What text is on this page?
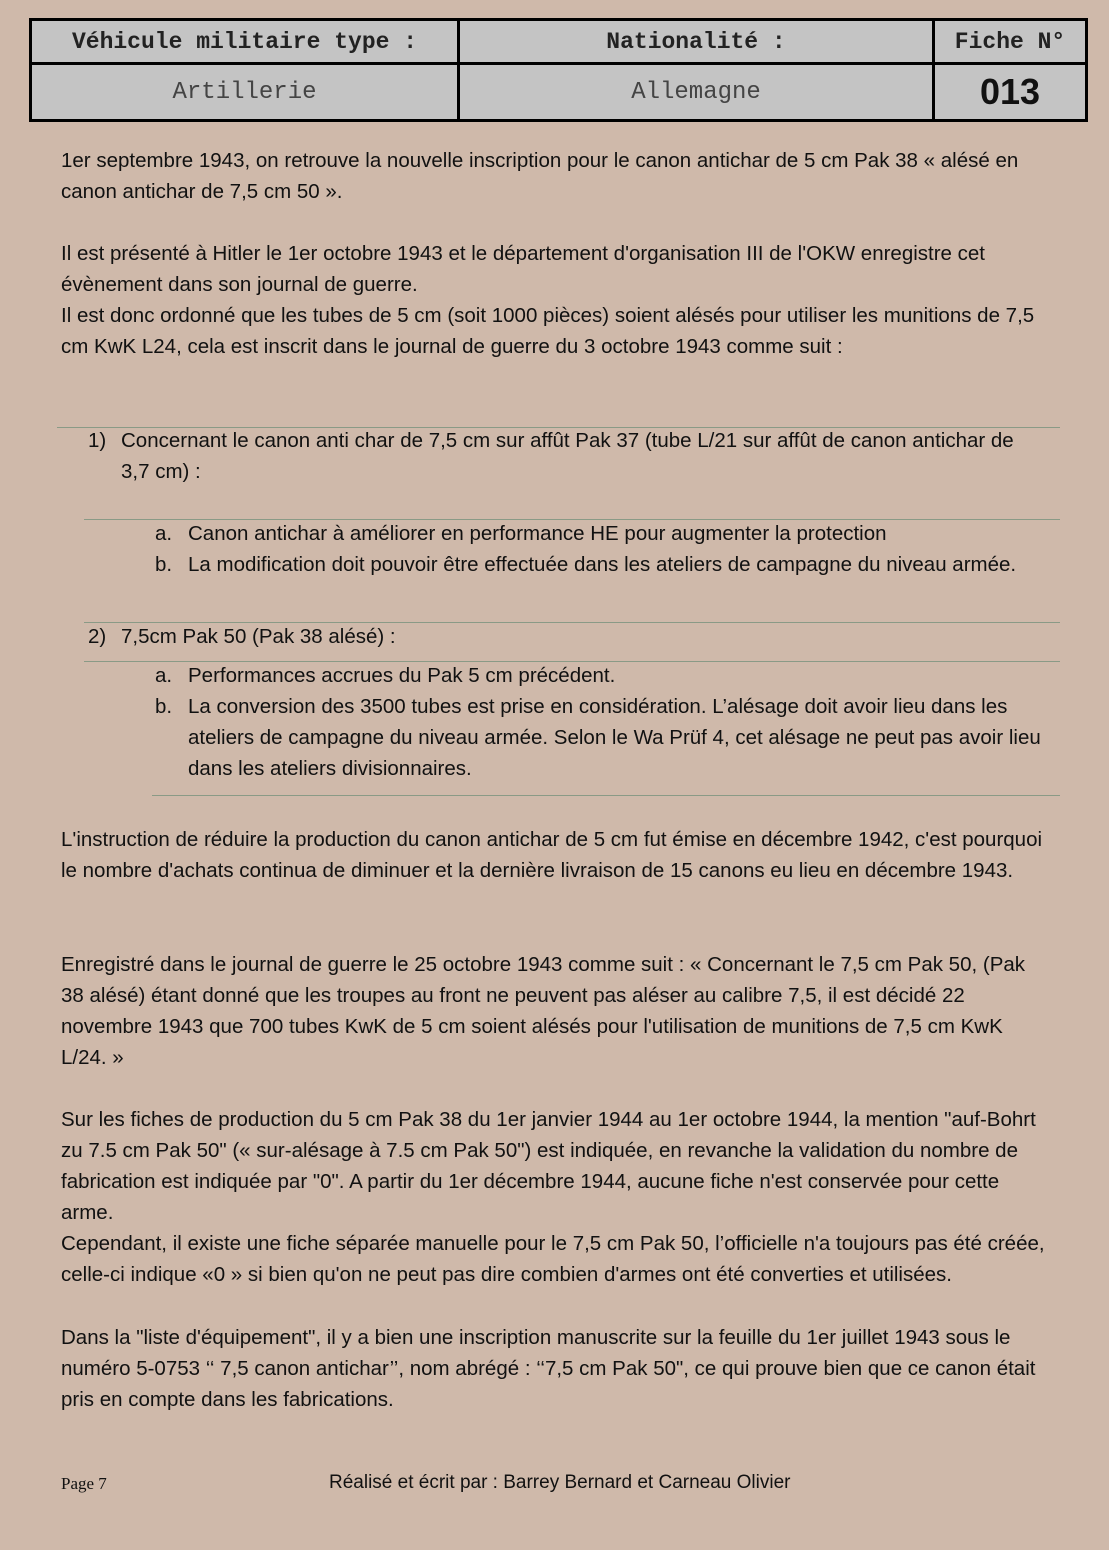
Véhicule militaire type :	Nationalité :	Fiche N°
Artillerie	Allemagne	013

1er septembre 1943, on retrouve la nouvelle inscription pour le canon antichar de 5 cm Pak 38 « alésé en canon antichar de 7,5 cm 50 ».

Il est présenté à Hitler le 1er octobre 1943 et le département d'organisation III de l'OKW enregistre cet évènement dans son journal de guerre.

Il est donc ordonné que les tubes de 5 cm (soit 1000 pièces) soient alésés pour utiliser les munitions de 7,5 cm KwK L24, cela est inscrit dans le journal de guerre du 3 octobre 1943 comme suit :

1) Concernant le canon anti char de 7,5 cm sur affût Pak 37 (tube L/21 sur affût de canon antichar de 3,7 cm) :

a. Canon antichar à améliorer en performance HE pour augmenter la protection

b. La modification doit pouvoir être effectuée dans les ateliers de campagne du niveau armée.

2) 7,5cm Pak 50 (Pak 38 alésé) :

a. Performances accrues du Pak 5 cm précédent.

b. La conversion des 3500 tubes est prise en considération. L’alésage doit avoir lieu dans les ateliers de campagne du niveau armée. Selon le Wa Prüf 4, cet alésage ne peut pas avoir lieu dans les ateliers divisionnaires.

L'instruction de réduire la production du canon antichar de 5 cm fut émise en décembre 1942, c'est pourquoi le nombre d'achats continua de diminuer et la dernière livraison de 15 canons eu lieu en décembre 1943.

Enregistré dans le journal de guerre le 25 octobre 1943 comme suit : « Concernant le 7,5 cm Pak 50, (Pak 38 alésé) étant donné que les troupes au front ne peuvent pas aléser au calibre 7,5, il est décidé 22 novembre 1943 que 700 tubes KwK de 5 cm soient alésés pour l'utilisation de munitions de 7,5 cm KwK L/24. »

Sur les fiches de production du 5 cm Pak 38 du 1er janvier 1944 au 1er octobre 1944, la mention "auf-Bohrt zu 7.5 cm Pak 50" (« sur-alésage à 7.5 cm Pak 50") est indiquée, en revanche la validation du nombre de fabrication est indiquée par "0". A partir du 1er décembre 1944, aucune fiche n'est conservée pour cette arme.

Cependant, il existe une fiche séparée manuelle pour le 7,5 cm Pak 50, l’officielle n'a toujours pas été créée, celle-ci indique «0 » si bien qu'on ne peut pas dire combien d'armes ont été converties et utilisées.

Dans la "liste d'équipement", il y a bien une inscription manuscrite sur la feuille du 1er juillet 1943 sous le numéro 5-0753 ‘‘ 7,5 canon antichar’’, nom abrégé : ‘‘7,5 cm Pak 50", ce qui prouve bien que ce canon était pris en compte dans les fabrications.

Page 7	Réalisé et écrit par : Barrey Bernard et Carneau Olivier
